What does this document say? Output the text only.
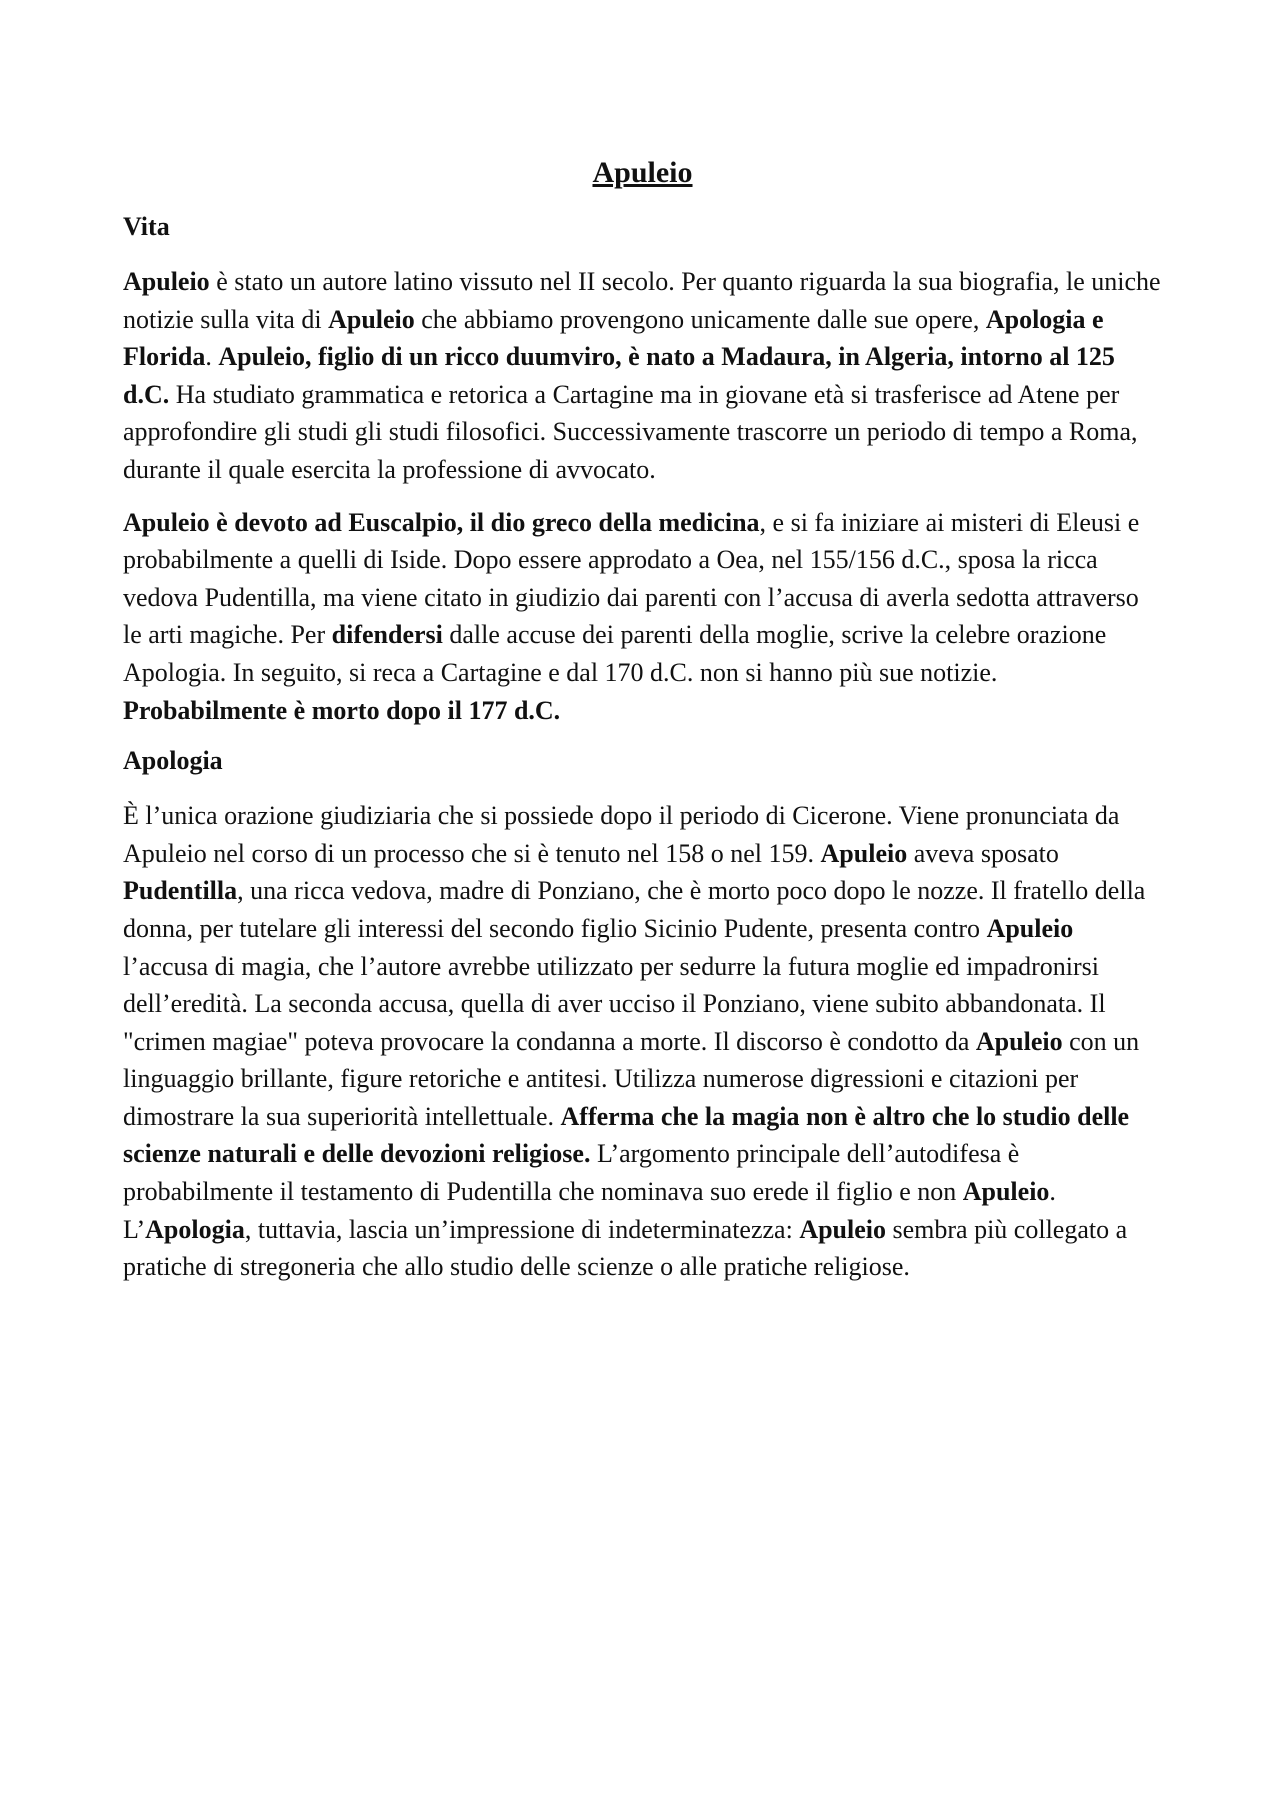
Apuleio
Vita

Apuleio è stato un autore latino vissuto nel II secolo. Per quanto riguarda la sua biografia, le uniche notizie sulla vita di Apuleio che abbiamo provengono unicamente dalle sue opere, Apologia e Florida. Apuleio, figlio di un ricco duumviro, è nato a Madaura, in Algeria, intorno al 125 d.C. Ha studiato grammatica e retorica a Cartagine ma in giovane età si trasferisce ad Atene per approfondire gli studi gli studi filosofici. Successivamente trascorre un periodo di tempo a Roma, durante il quale esercita la professione di avvocato.

Apuleio è devoto ad Euscalpio, il dio greco della medicina, e si fa iniziare ai misteri di Eleusi e probabilmente a quelli di Iside. Dopo essere approdato a Oea, nel 155/156 d.C., sposa la ricca vedova Pudentilla, ma viene citato in giudizio dai parenti con l’accusa di averla sedotta attraverso le arti magiche. Per difendersi dalle accuse dei parenti della moglie, scrive la celebre orazione Apologia. In seguito, si reca a Cartagine e dal 170 d.C. non si hanno più sue notizie. Probabilmente è morto dopo il 177 d.C.

Apologia

È l’unica orazione giudiziaria che si possiede dopo il periodo di Cicerone. Viene pronunciata da Apuleio nel corso di un processo che si è tenuto nel 158 o nel 159. Apuleio aveva sposato Pudentilla, una ricca vedova, madre di Ponziano, che è morto poco dopo le nozze. Il fratello della donna, per tutelare gli interessi del secondo figlio Sicinio Pudente, presenta contro Apuleio l’accusa di magia, che l’autore avrebbe utilizzato per sedurre la futura moglie ed impadronirsi dell’eredità. La seconda accusa, quella di aver ucciso il Ponziano, viene subito abbandonata. Il "crimen magiae" poteva provocare la condanna a morte. Il discorso è condotto da Apuleio con un linguaggio brillante, figure retoriche e antitesi. Utilizza numerose digressioni e citazioni per dimostrare la sua superiorità intellettuale. Afferma che la magia non è altro che lo studio delle scienze naturali e delle devozioni religiose. L’argomento principale dell’autodifesa è probabilmente il testamento di Pudentilla che nominava suo erede il figlio e non Apuleio. L’Apologia, tuttavia, lascia un’impressione di indeterminatezza: Apuleio sembra più collegato a pratiche di stregoneria che allo studio delle scienze o alle pratiche religiose.
